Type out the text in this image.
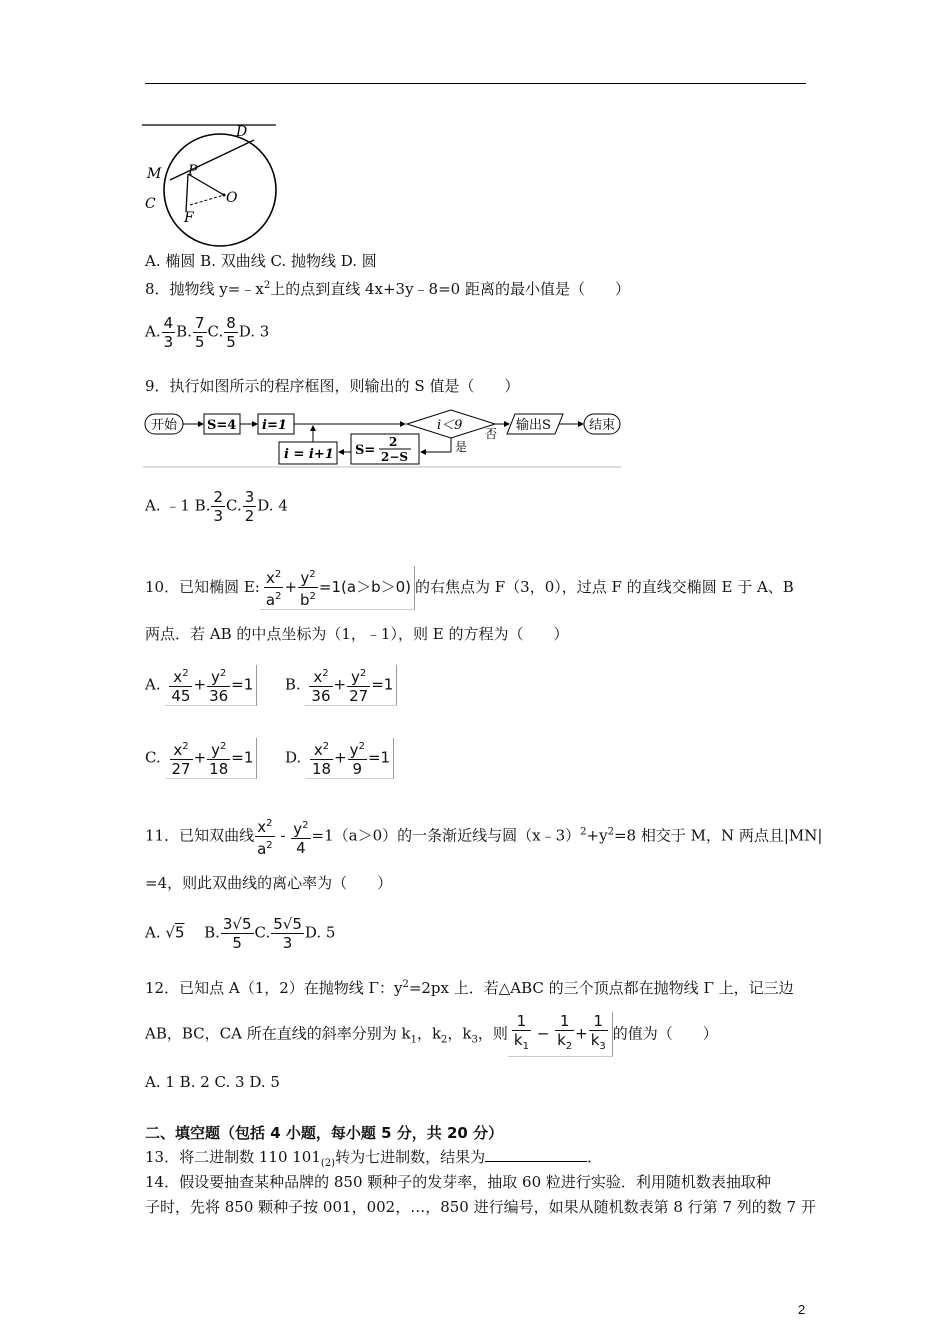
D
M P
O
C
F
A. 椭圆 B. 双曲线 C. 抛物线 D. 圆
8．抛物线 $y=﹣x^2$上的点到直线 4x+3y﹣8=0 距离的最小值是（　　）
A. $\frac{4}{3} B$. $\frac{7}{5} C$. $\frac{8}{5} D$. 3
9．执行如图所示的程序框图，则输出的 S 值是（　　）
开始 S=4 i=1	i＜9
否
输出S	结束
是
S=
2
2−S
i = i+1
A. ﹣1 B. $\frac{2}{3} C$. $\frac{3}{2} D$. 4
10．已知椭圆 E: $\frac{x^2}{a^2} + \frac{y^2}{b^2} =1(a>b>0)$ 的右焦点为 F（3，0），过点 F 的直线交椭圆 E 于 A、B
两点．若 AB 的中点坐标为（1，﹣1），则 E 的方程为（　　）
A. $\frac{x^2}{45} + \frac{y^2}{36} =1$ B. $\frac{x^2}{36} + \frac{y^2}{27} =1$
C. $\frac{x^2}{27} + \frac{y^2}{18} =1$ D. $\frac{x^2}{18} + \frac{y^2}{9} =1$
11．已知双曲线 $\frac{x^2}{a^2} - \frac{y^2}{4} =1(a>0)$的一条渐近线与圆$(x﹣3)^2+y^2=8$ 相交于 M，N 两点且|MN|
=4，则此双曲线的离心率为（　　）
A. √5 B. $\frac{3√5}{5} C$. $\frac{5√5}{3} D$. 5
12．已知点 A（1，2）在抛物线 Γ：$y^2=2px$ 上．若△ABC 的三个顶点都在抛物线 Γ 上，记三边
AB，BC，CA 所在直线的斜率分别为 $k_1$，$k_2$，$k_3$，则 $\frac{1}{k_1} - \frac{1}{k_2} + \frac{1}{k_3}$ 的值为（　　）
A. 1 B. 2 C. 3 D. 5
二、填空题（包括 4 小题，每小题 5 分，共 20 分）
13．将二进制数 110 $101_{(2)}$转为七进制数，结果为	．
14．假设要抽查某种品牌的 850 颗种子的发芽率，抽取 60 粒进行实验．利用随机数表抽取种
子时，先将 850 颗种子按 001，002，…，850 进行编号，如果从随机数表第 8 行第 7 列的数 7 开
2
